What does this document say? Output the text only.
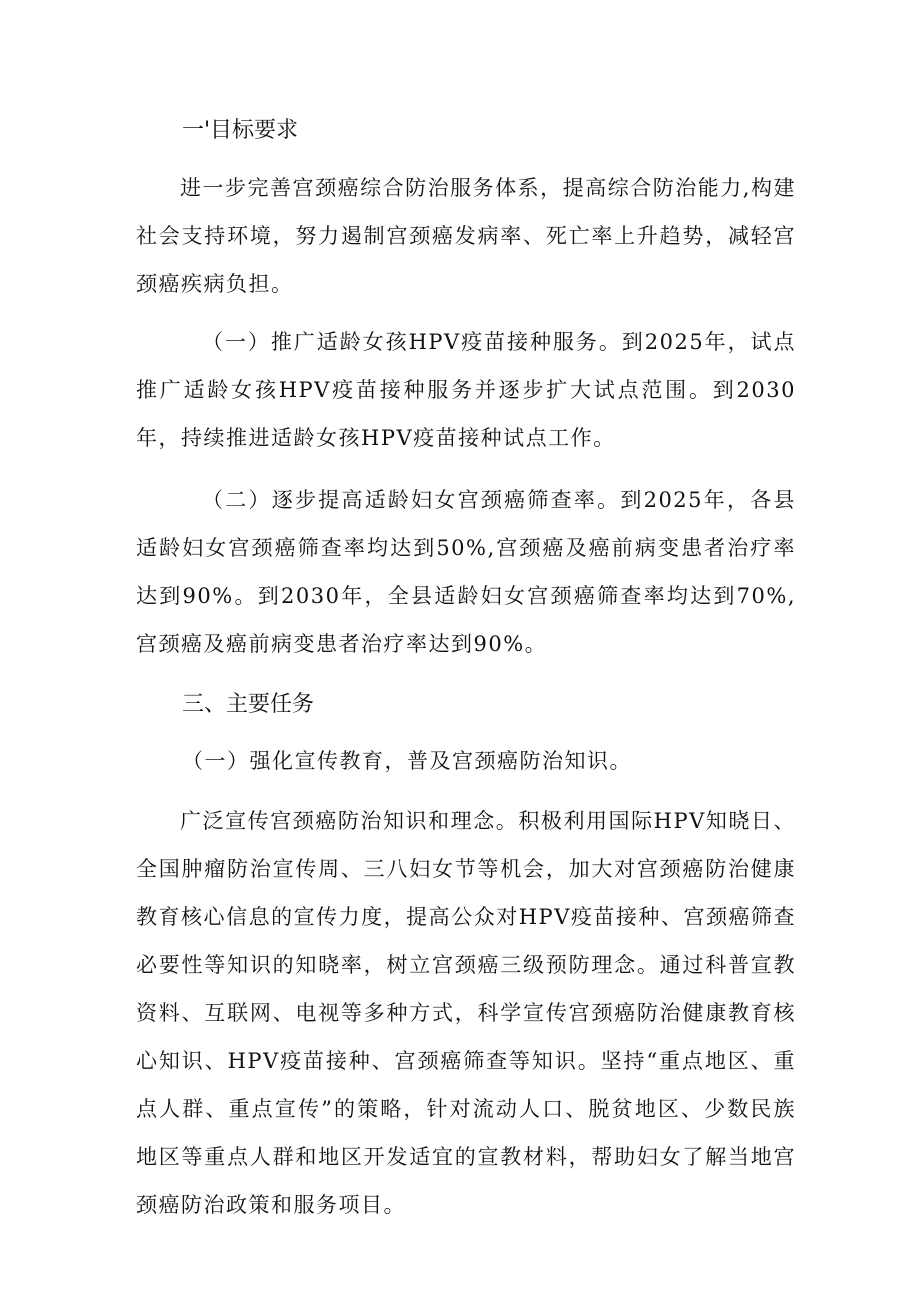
一'目标要求

进一步完善宫颈癌综合防治服务体系，提高综合防治能力,构建社会支持环境，努力遏制宫颈癌发病率、死亡率上升趋势，减轻宫颈癌疾病负担。

（一）推广适龄女孩HPV疫苗接种服务。到2025年，试点推广适龄女孩HPV疫苗接种服务并逐步扩大试点范围。到2030年，持续推进适龄女孩HPV疫苗接种试点工作。

（二）逐步提高适龄妇女宫颈癌筛查率。到2025年，各县适龄妇女宫颈癌筛查率均达到50%,宫颈癌及癌前病变患者治疗率达到90%。到2030年，全县适龄妇女宫颈癌筛查率均达到70%,宫颈癌及癌前病变患者治疗率达到90%。

三、主要任务

（一）强化宣传教育，普及宫颈癌防治知识。

广泛宣传宫颈癌防治知识和理念。积极利用国际HPV知晓日、全国肿瘤防治宣传周、三八妇女节等机会，加大对宫颈癌防治健康教育核心信息的宣传力度，提高公众对HPV疫苗接种、宫颈癌筛查必要性等知识的知晓率，树立宫颈癌三级预防理念。通过科普宣教资料、互联网、电视等多种方式，科学宣传宫颈癌防治健康教育核心知识、HPV疫苗接种、宫颈癌筛查等知识。坚持“重点地区、重点人群、重点宣传”的策略，针对流动人口、脱贫地区、少数民族地区等重点人群和地区开发适宜的宣教材料，帮助妇女了解当地宫颈癌防治政策和服务项目。
